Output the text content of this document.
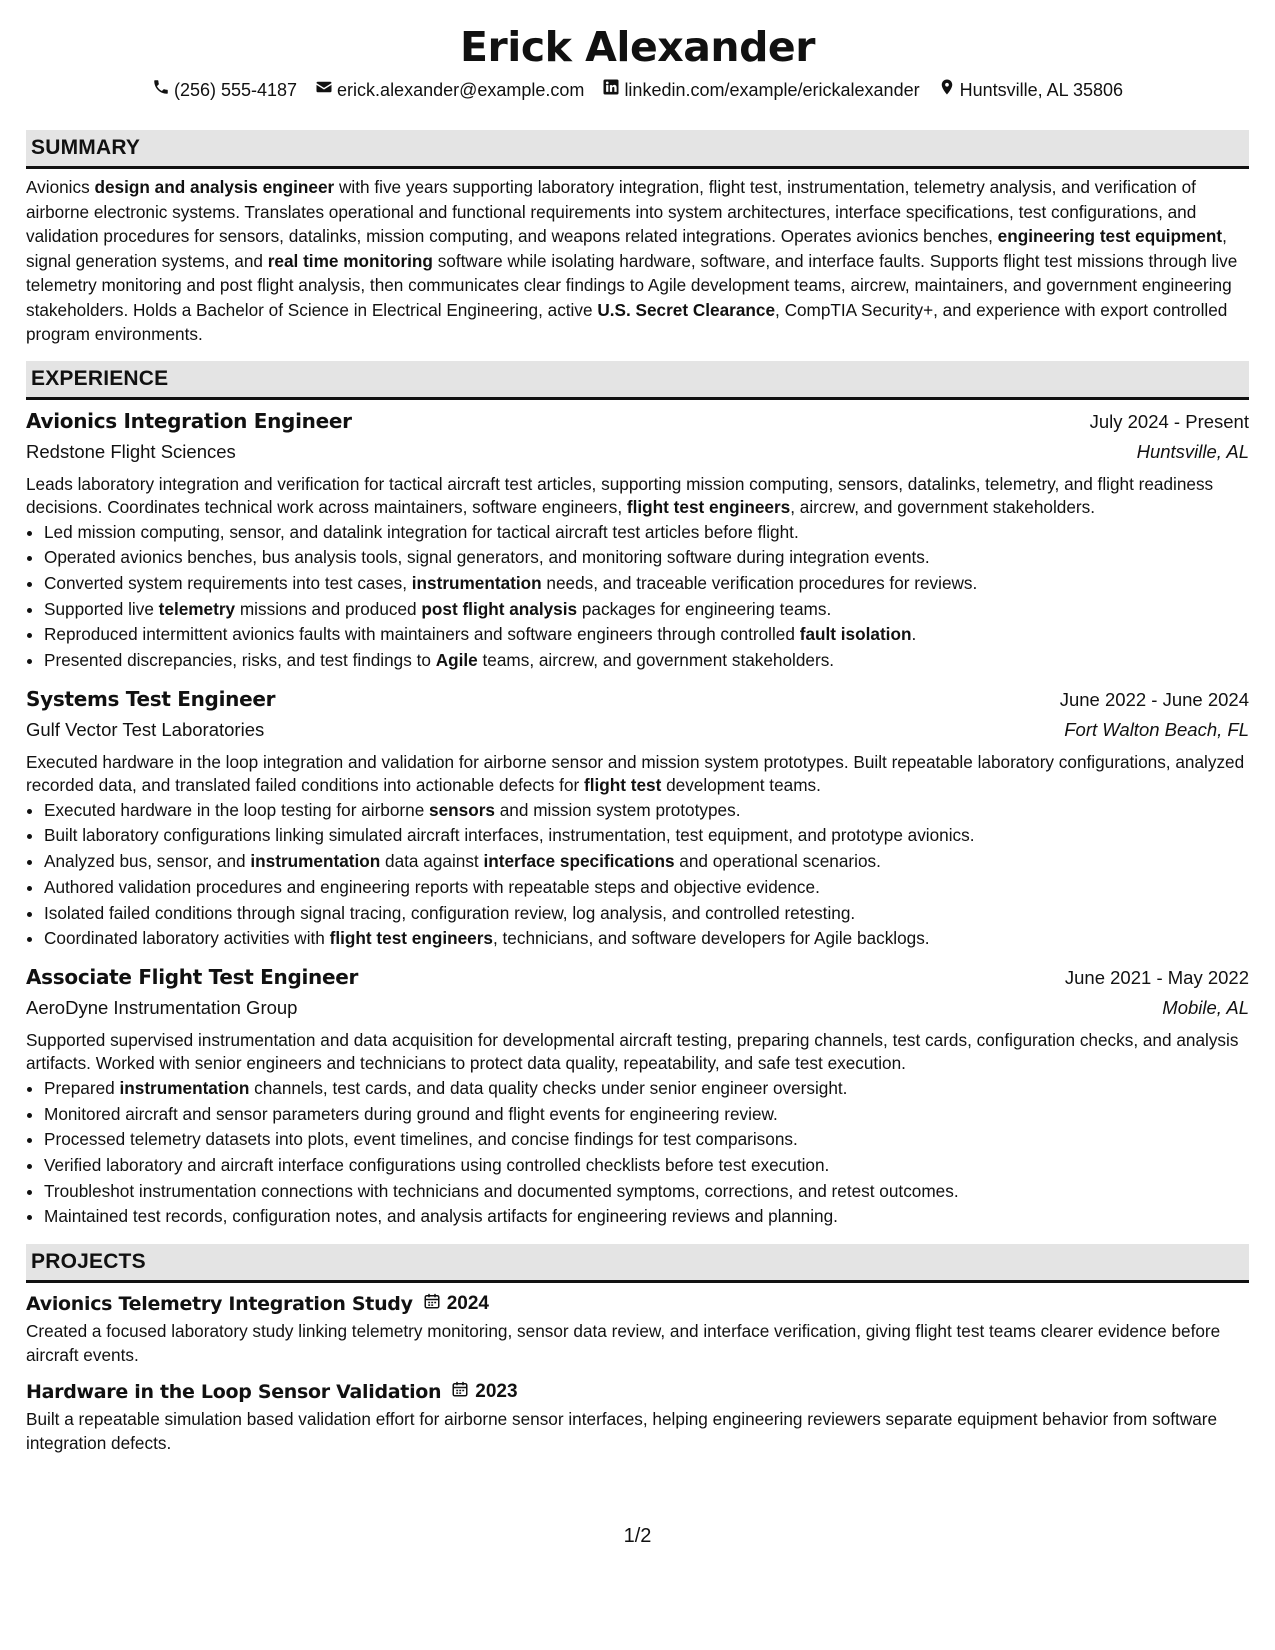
Erick Alexander
(256) 555-4187 erick.alexander@example.com linkedin.com/example/erickalexander Huntsville, AL 35806
SUMMARY
Avionics design and analysis engineer with five years supporting laboratory integration, flight test, instrumentation, telemetry analysis, and verification of airborne electronic systems. Translates operational and functional requirements into system architectures, interface specifications, test configurations, and validation procedures for sensors, datalinks, mission computing, and weapons related integrations. Operates avionics benches, engineering test equipment, signal generation systems, and real time monitoring software while isolating hardware, software, and interface faults. Supports flight test missions through live telemetry monitoring and post flight analysis, then communicates clear findings to Agile development teams, aircrew, maintainers, and government engineering stakeholders. Holds a Bachelor of Science in Electrical Engineering, active U.S. Secret Clearance, CompTIA Security+, and experience with export controlled program environments.
EXPERIENCE
Avionics Integration Engineer	July 2024 - Present
Redstone Flight Sciences	Huntsville, AL
Leads laboratory integration and verification for tactical aircraft test articles, supporting mission computing, sensors, datalinks, telemetry, and flight readiness decisions. Coordinates technical work across maintainers, software engineers, flight test engineers, aircrew, and government stakeholders.
• Led mission computing, sensor, and datalink integration for tactical aircraft test articles before flight.
• Operated avionics benches, bus analysis tools, signal generators, and monitoring software during integration events.
• Converted system requirements into test cases, instrumentation needs, and traceable verification procedures for reviews.
• Supported live telemetry missions and produced post flight analysis packages for engineering teams.
• Reproduced intermittent avionics faults with maintainers and software engineers through controlled fault isolation.
• Presented discrepancies, risks, and test findings to Agile teams, aircrew, and government stakeholders.
Systems Test Engineer	June 2022 - June 2024
Gulf Vector Test Laboratories	Fort Walton Beach, FL
Executed hardware in the loop integration and validation for airborne sensor and mission system prototypes. Built repeatable laboratory configurations, analyzed recorded data, and translated failed conditions into actionable defects for flight test development teams.
• Executed hardware in the loop testing for airborne sensors and mission system prototypes.
• Built laboratory configurations linking simulated aircraft interfaces, instrumentation, test equipment, and prototype avionics.
• Analyzed bus, sensor, and instrumentation data against interface specifications and operational scenarios.
• Authored validation procedures and engineering reports with repeatable steps and objective evidence.
• Isolated failed conditions through signal tracing, configuration review, log analysis, and controlled retesting.
• Coordinated laboratory activities with flight test engineers, technicians, and software developers for Agile backlogs.
Associate Flight Test Engineer	June 2021 - May 2022
AeroDyne Instrumentation Group	Mobile, AL
Supported supervised instrumentation and data acquisition for developmental aircraft testing, preparing channels, test cards, configuration checks, and analysis artifacts. Worked with senior engineers and technicians to protect data quality, repeatability, and safe test execution.
• Prepared instrumentation channels, test cards, and data quality checks under senior engineer oversight.
• Monitored aircraft and sensor parameters during ground and flight events for engineering review.
• Processed telemetry datasets into plots, event timelines, and concise findings for test comparisons.
• Verified laboratory and aircraft interface configurations using controlled checklists before test execution.
• Troubleshot instrumentation connections with technicians and documented symptoms, corrections, and retest outcomes.
• Maintained test records, configuration notes, and analysis artifacts for engineering reviews and planning.
PROJECTS
Avionics Telemetry Integration Study 2024
Created a focused laboratory study linking telemetry monitoring, sensor data review, and interface verification, giving flight test teams clearer evidence before aircraft events.
Hardware in the Loop Sensor Validation 2023
Built a repeatable simulation based validation effort for airborne sensor interfaces, helping engineering reviewers separate equipment behavior from software integration defects.
1/2
